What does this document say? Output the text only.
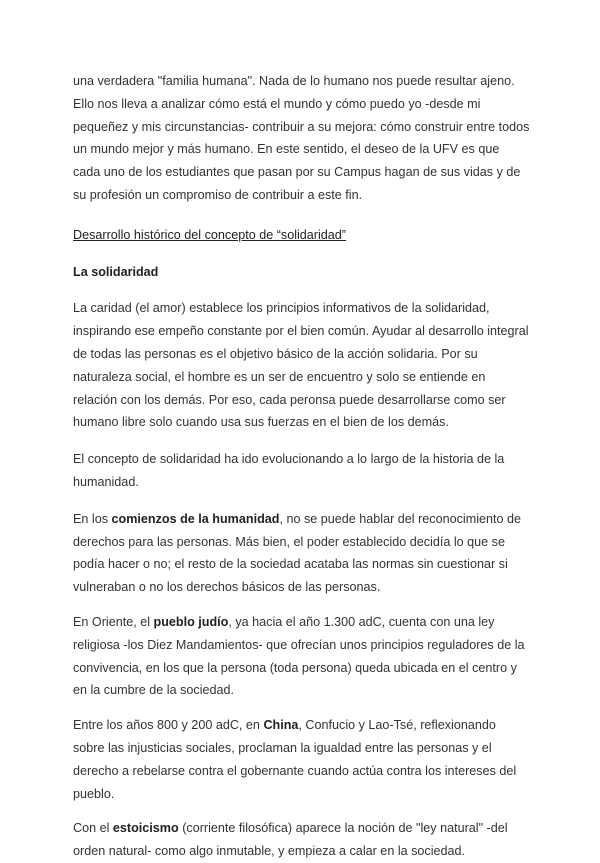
una verdadera "familia humana". Nada de lo humano nos puede resultar ajeno. Ello nos lleva a analizar cómo está el mundo y cómo puedo yo -desde mi pequeñez y mis circunstancias- contribuir a su mejora: cómo construir entre todos un mundo mejor y más humano. En este sentido, el deseo de la UFV es que cada uno de los estudiantes que pasan por su Campus hagan de sus vidas y de su profesión un compromiso de contribuir a este fin.

Desarrollo histórico del concepto de “solidaridad”

La solidaridad

La caridad (el amor) establece los principios informativos de la solidaridad, inspirando ese empeño constante por el bien común. Ayudar al desarrollo integral de todas las personas es el objetivo básico de la acción solidaria. Por su naturaleza social, el hombre es un ser de encuentro y solo se entiende en relación con los demás. Por eso, cada peronsa puede desarrollarse como ser humano libre solo cuando usa sus fuerzas en el bien de los demás.

El concepto de solidaridad ha ido evolucionando a lo largo de la historia de la humanidad.

En los comienzos de la humanidad, no se puede hablar del reconocimiento de derechos para las personas. Más bien, el poder establecido decidía lo que se podía hacer o no; el resto de la sociedad acataba las normas sin cuestionar si vulneraban o no los derechos básicos de las personas.

En Oriente, el pueblo judío, ya hacia el año 1.300 adC, cuenta con una ley religiosa -los Diez Mandamientos- que ofrecían unos principios reguladores de la convivencia, en los que la persona (toda persona) queda ubicada en el centro y en la cumbre de la sociedad.

Entre los años 800 y 200 adC, en China, Confucio y Lao-Tsé, reflexionando sobre las injusticias sociales, proclaman la igualdad entre las personas y el derecho a rebelarse contra el gobernante cuando actúa contra los intereses del pueblo.

Con el estoicismo (corriente filosófica) aparece la noción de "ley natural" -del orden natural- como algo inmutable, y empieza a calar en la sociedad.
